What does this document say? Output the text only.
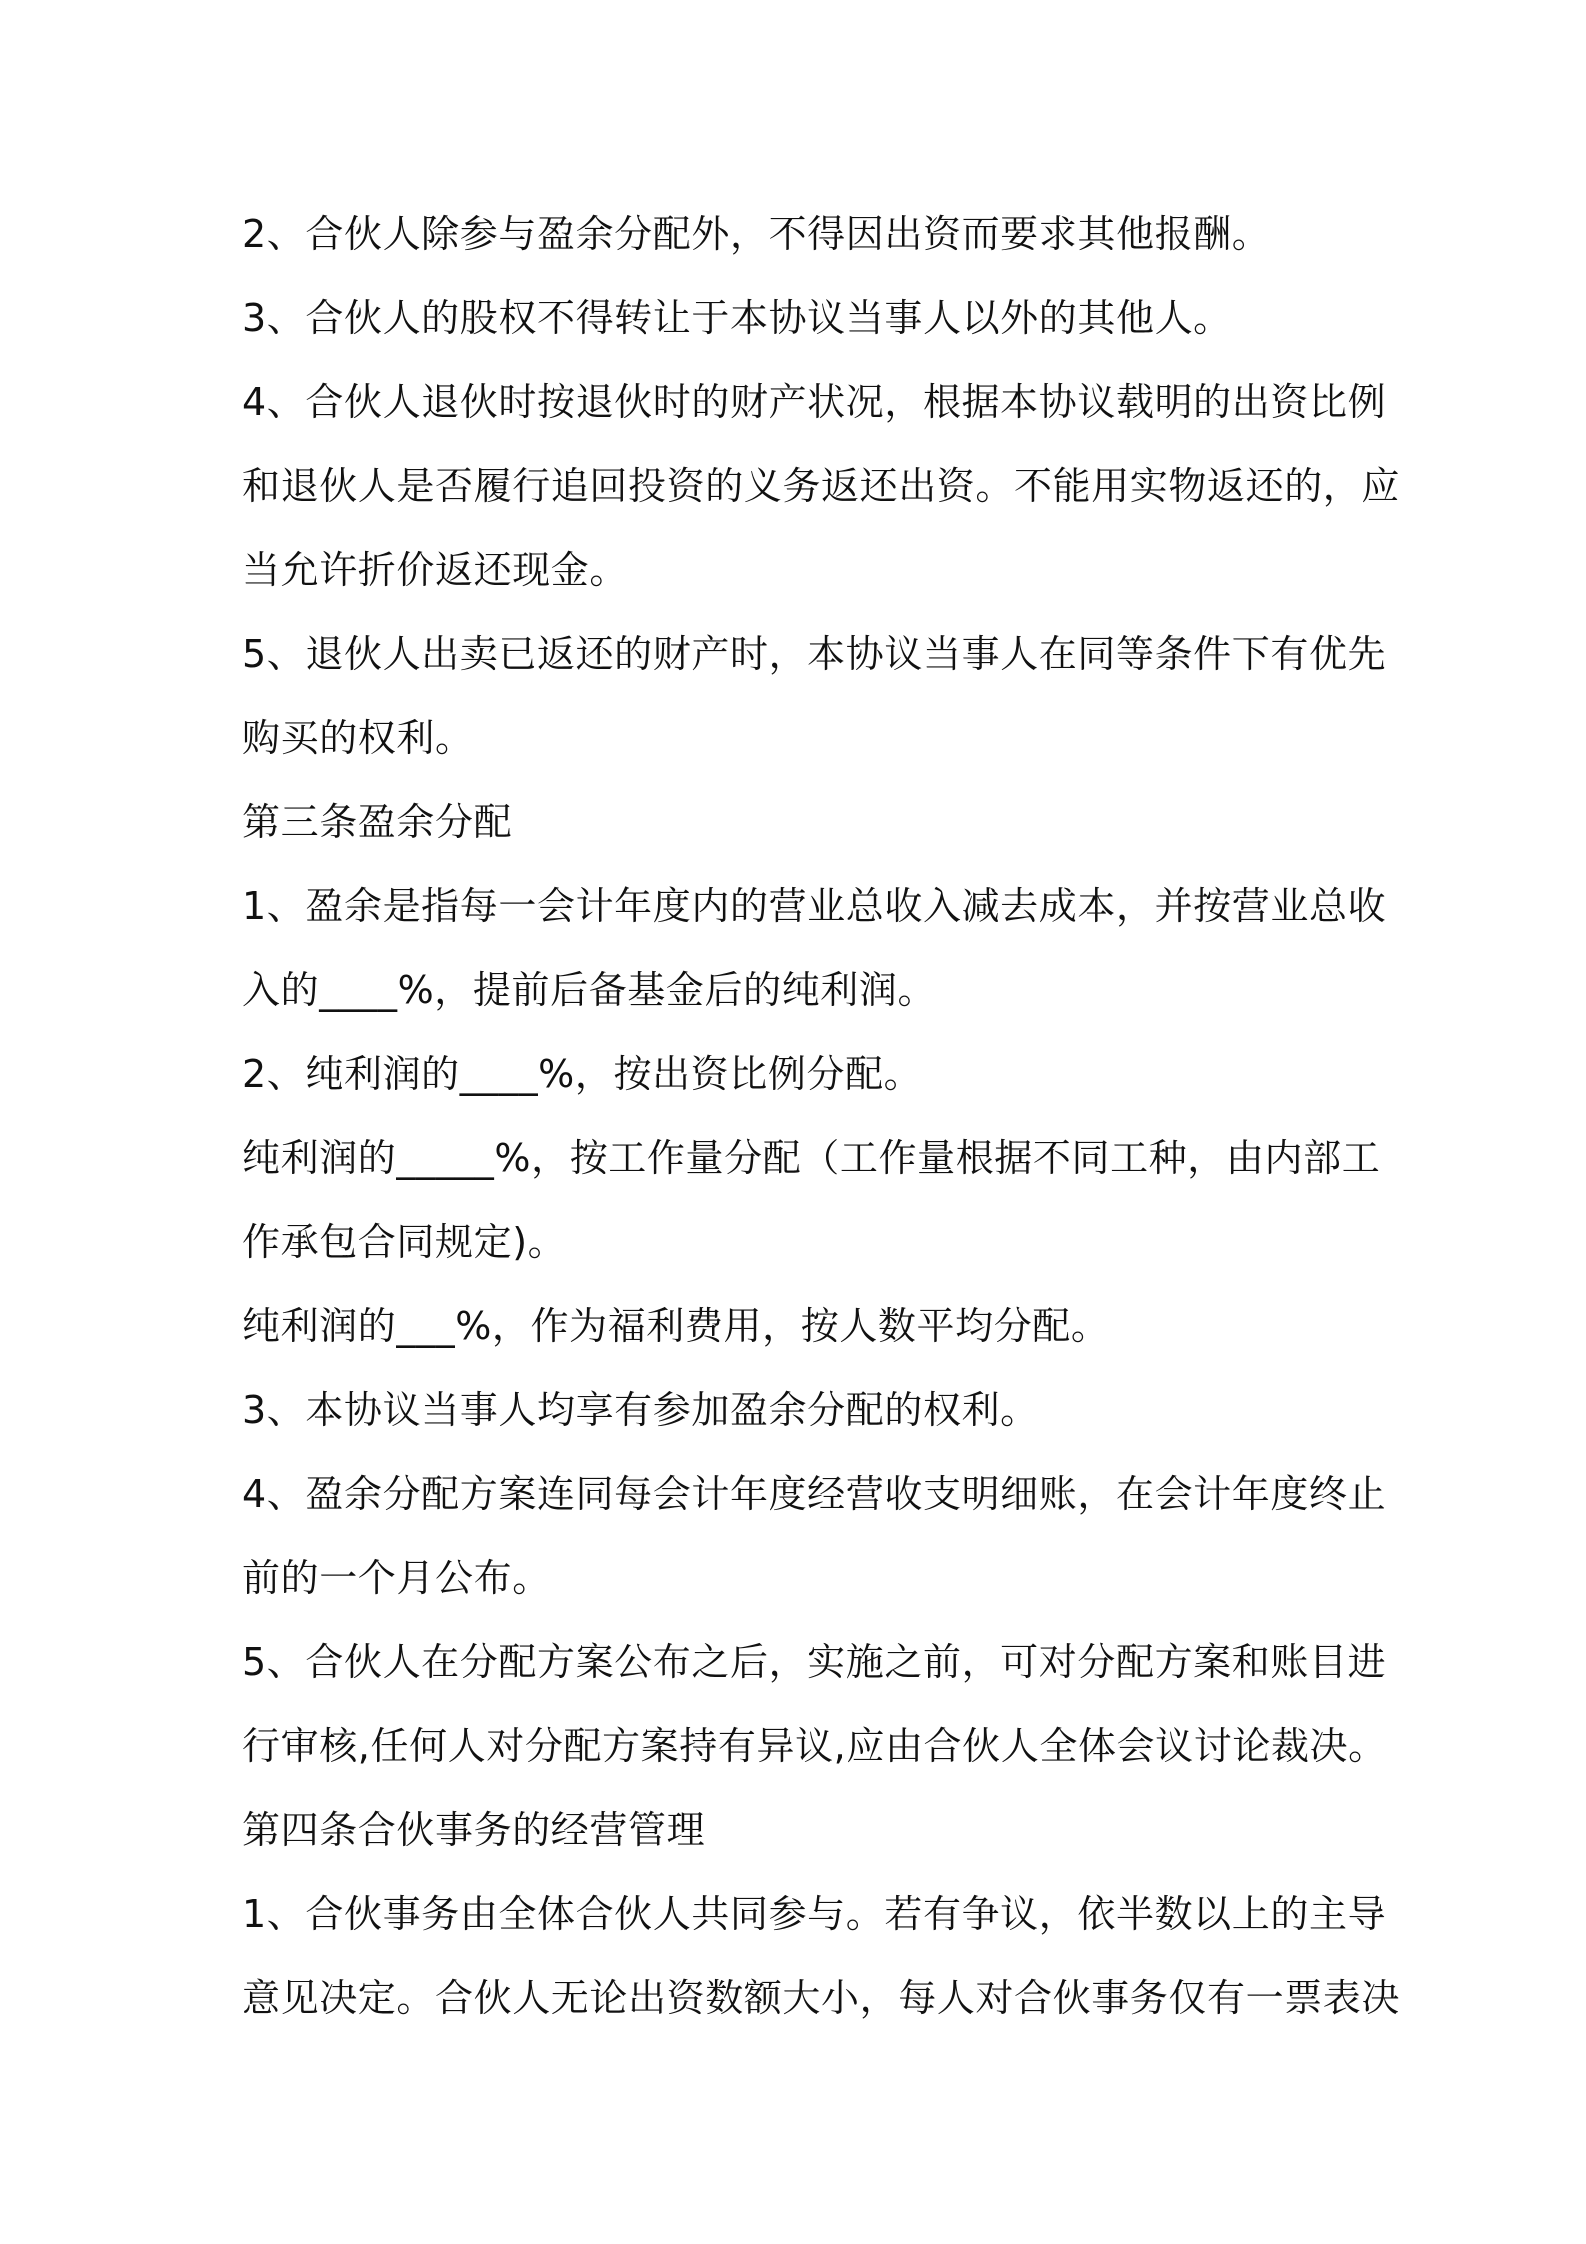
2、合伙人除参与盈余分配外，不得因出资而要求其他报酬。
3、合伙人的股权不得转让于本协议当事人以外的其他人。
4、合伙人退伙时按退伙时的财产状况，根据本协议载明的出资比例
和退伙人是否履行追回投资的义务返还出资。不能用实物返还的，应
当允许折价返还现金。
5、退伙人出卖已返还的财产时，本协议当事人在同等条件下有优先
购买的权利。
第三条盈余分配
1、盈余是指每一会计年度内的营业总收入减去成本，并按营业总收
入的____%，提前后备基金后的纯利润。
2、纯利润的____%，按出资比例分配。
纯利润的_____%，按工作量分配（工作量根据不同工种，由内部工
作承包合同规定)。
纯利润的___%，作为福利费用，按人数平均分配。
3、本协议当事人均享有参加盈余分配的权利。
4、盈余分配方案连同每会计年度经营收支明细账，在会计年度终止
前的一个月公布。
5、合伙人在分配方案公布之后，实施之前，可对分配方案和账目进
行审核,任何人对分配方案持有异议,应由合伙人全体会议讨论裁决。
第四条合伙事务的经营管理
1、合伙事务由全体合伙人共同参与。若有争议，依半数以上的主导
意见决定。合伙人无论出资数额大小，每人对合伙事务仅有一票表决
